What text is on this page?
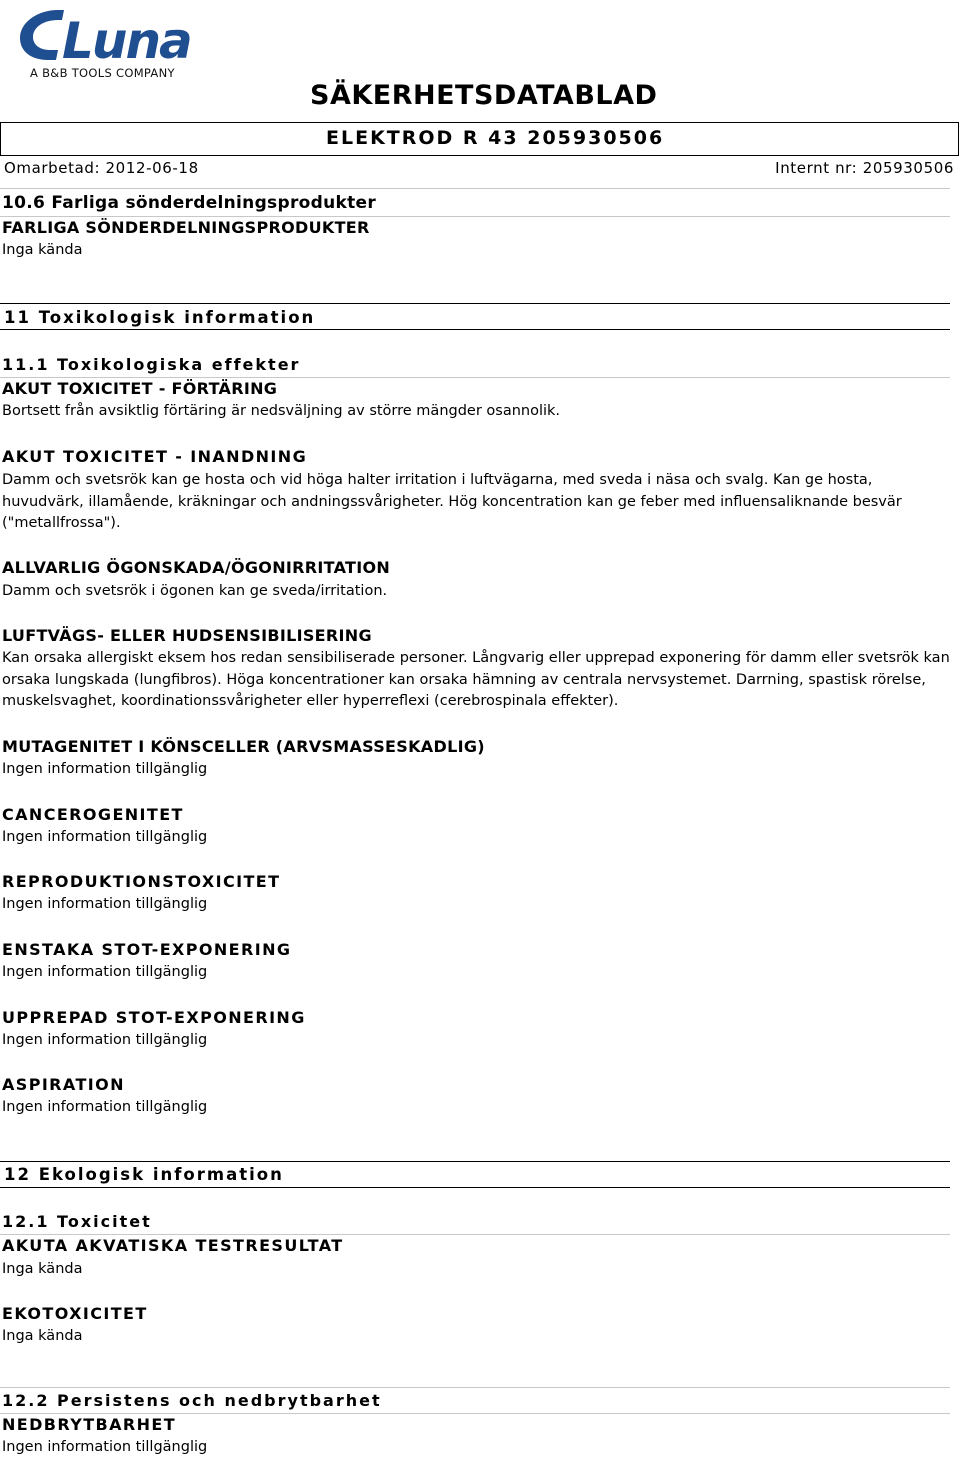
Luna
A B&B TOOLS COMPANY
SÄKERHETSDATABLAD
ELEKTROD R 43 205930506
Omarbetad: 2012-06-18	Internt nr: 205930506
10.6 Farliga sönderdelningsprodukter
FARLIGA SÖNDERDELNINGSPRODUKTER
Inga kända
11 Toxikologisk information
11.1 Toxikologiska effekter
AKUT TOXICITET - FÖRTÄRING
Bortsett från avsiktlig förtäring är nedsväljning av större mängder osannolik.
AKUT TOXICITET - INANDNING
Damm och svetsrök kan ge hosta och vid höga halter irritation i luftvägarna, med sveda i näsa och svalg. Kan ge hosta, huvudvärk, illamående, kräkningar och andningssvårigheter. Hög koncentration kan ge feber med influensaliknande besvär ("metallfrossa").
ALLVARLIG ÖGONSKADA/ÖGONIRRITATION
Damm och svetsrök i ögonen kan ge sveda/irritation.
LUFTVÄGS- ELLER HUDSENSIBILISERING
Kan orsaka allergiskt eksem hos redan sensibiliserade personer. Långvarig eller upprepad exponering för damm eller svetsrök kan orsaka lungskada (lungfibros). Höga koncentrationer kan orsaka hämning av centrala nervsystemet. Darrning, spastisk rörelse, muskelsvaghet, koordinationssvårigheter eller hyperreflexi (cerebrospinala effekter).
MUTAGENITET I KÖNSCELLER (ARVSMASSESKADLIG)
Ingen information tillgänglig
CANCEROGENITET
Ingen information tillgänglig
REPRODUKTIONSTOXICITET
Ingen information tillgänglig
ENSTAKA STOT-EXPONERING
Ingen information tillgänglig
UPPREPAD STOT-EXPONERING
Ingen information tillgänglig
ASPIRATION
Ingen information tillgänglig
12 Ekologisk information
12.1 Toxicitet
AKUTA AKVATISKA TESTRESULTAT
Inga kända
EKOTOXICITET
Inga kända
12.2 Persistens och nedbrytbarhet
NEDBRYTBARHET
Ingen information tillgänglig
